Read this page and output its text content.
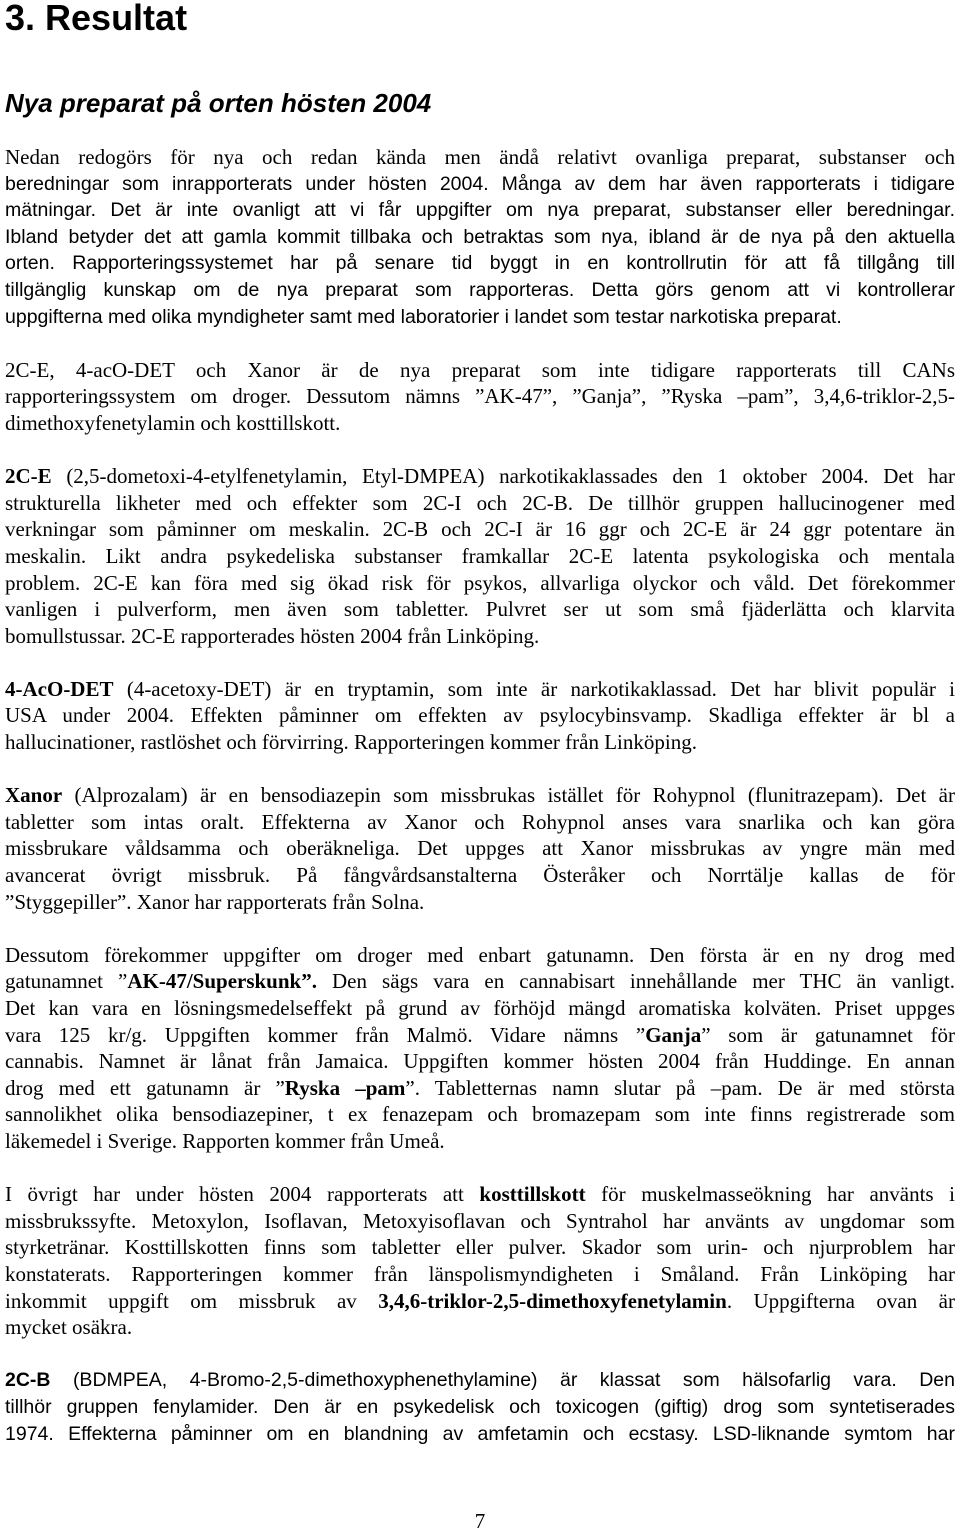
3. Resultat
Nya preparat på orten hösten 2004
Nedan redogörs för nya och redan kända men ändå relativt ovanliga preparat, substanser och
beredningar som inrapporterats under hösten 2004. Många av dem har även rapporterats i tidigare
mätningar. Det är inte ovanligt att vi får uppgifter om nya preparat, substanser eller beredningar.
Ibland betyder det att gamla kommit tillbaka och betraktas som nya, ibland är de nya på den aktuella
orten. Rapporteringssystemet har på senare tid byggt in en kontrollrutin för att få tillgång till
tillgänglig kunskap om de nya preparat som rapporteras. Detta görs genom att vi kontrollerar
uppgifterna med olika myndigheter samt med laboratorier i landet som testar narkotiska preparat.
2C-E, 4-acO-DET och Xanor är de nya preparat som inte tidigare rapporterats till CANs
rapporteringssystem om droger. Dessutom nämns ”AK-47”, ”Ganja”, ”Ryska –pam”, 3,4,6-triklor-2,5-
dimethoxyfenetylamin och kosttillskott.
2C-E (2,5-dometoxi-4-etylfenetylamin, Etyl-DMPEA) narkotikaklassades den 1 oktober 2004. Det har
strukturella likheter med och effekter som 2C-I och 2C-B. De tillhör gruppen hallucinogener med
verkningar som påminner om meskalin. 2C-B och 2C-I är 16 ggr och 2C-E är 24 ggr potentare än
meskalin. Likt andra psykedeliska substanser framkallar 2C-E latenta psykologiska och mentala
problem. 2C-E kan föra med sig ökad risk för psykos, allvarliga olyckor och våld. Det förekommer
vanligen i pulverform, men även som tabletter. Pulvret ser ut som små fjäderlätta och klarvita
bomullstussar. 2C-E rapporterades hösten 2004 från Linköping.
4-AcO-DET (4-acetoxy-DET) är en tryptamin, som inte är narkotikaklassad. Det har blivit populär i
USA under 2004. Effekten påminner om effekten av psylocybinsvamp. Skadliga effekter är bl a
hallucinationer, rastlöshet och förvirring. Rapporteringen kommer från Linköping.
Xanor (Alprozalam) är en bensodiazepin som missbrukas istället för Rohypnol (flunitrazepam). Det är
tabletter som intas oralt. Effekterna av Xanor och Rohypnol anses vara snarlika och kan göra
missbrukare våldsamma och oberäkneliga. Det uppges att Xanor missbrukas av yngre män med
avancerat övrigt missbruk. På fångvårdsanstalterna Österåker och Norrtälje kallas de för
”Styggepiller”. Xanor har rapporterats från Solna.
Dessutom förekommer uppgifter om droger med enbart gatunamn. Den första är en ny drog med
gatunamnet ”AK-47/Superskunk”. Den sägs vara en cannabisart innehållande mer THC än vanligt.
Det kan vara en lösningsmedelseffekt på grund av förhöjd mängd aromatiska kolväten. Priset uppges
vara 125 kr/g. Uppgiften kommer från Malmö. Vidare nämns ”Ganja” som är gatunamnet för
cannabis. Namnet är lånat från Jamaica. Uppgiften kommer hösten 2004 från Huddinge. En annan
drog med ett gatunamn är ”Ryska –pam”. Tabletternas namn slutar på –pam. De är med största
sannolikhet olika bensodiazepiner, t ex fenazepam och bromazepam som inte finns registrerade som
läkemedel i Sverige. Rapporten kommer från Umeå.
I övrigt har under hösten 2004 rapporterats att kosttillskott för muskelmasseökning har använts i
missbrukssyfte. Metoxylon, Isoflavan, Metoxyisoflavan och Syntrahol har använts av ungdomar som
styrketränar. Kosttillskotten finns som tabletter eller pulver. Skador som urin- och njurproblem har
konstaterats. Rapporteringen kommer från länspolismyndigheten i Småland. Från Linköping har
inkommit uppgift om missbruk av 3,4,6-triklor-2,5-dimethoxyfenetylamin. Uppgifterna ovan är
mycket osäkra.
2C-B (BDMPEA, 4-Bromo-2,5-dimethoxyphenethylamine) är klassat som hälsofarlig vara. Den
tillhör gruppen fenylamider. Den är en psykedelisk och toxicogen (giftig) drog som syntetiserades
1974. Effekterna påminner om en blandning av amfetamin och ecstasy. LSD-liknande symtom har
7
